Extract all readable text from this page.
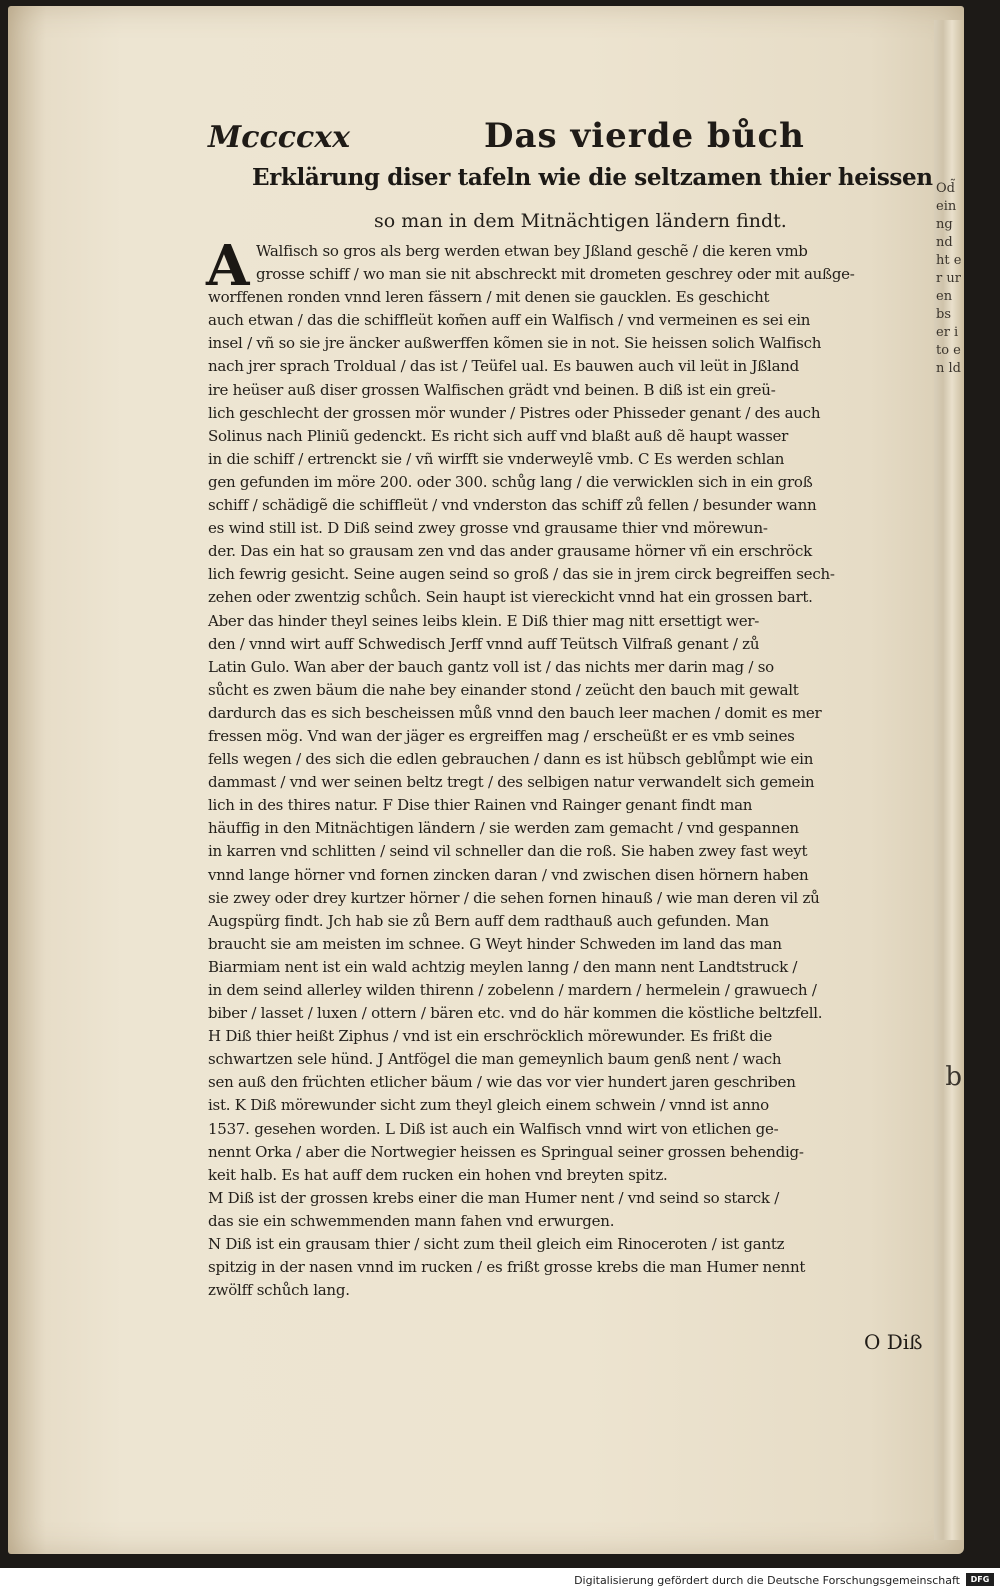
Od̃ ein ng nd ht er ur en bs er i to en ld
b
Mccccxx	Das vierde bůch
Erklärung diser tafeln wie die seltzamen thier heissen
so man in dem Mitnächtigen ländern findt.
A Walfisch so gros als berg werden etwan bey Jßland geschẽ / die keren vmb
grosse schiff / wo man sie nit abschreckt mit drometen geschrey oder mit außge-
worffenen ronden vnnd leren fässern / mit denen sie gaucklen. Es geschicht
auch etwan / das die schiffleüt kom̃en auff ein Walfisch / vnd vermeinen es sei ein
insel / vñ so sie jre äncker außwerffen kõmen sie in not. Sie heissen solich Walfisch
nach jrer sprach Troldual / das ist / Teüfel ual. Es bauwen auch vil leüt in Jßland
ire heüser auß diser grossen Walfischen grädt vnd beinen. B diß ist ein greü-
lich geschlecht der grossen mör wunder / Pistres oder Phisseder genant / des auch
Solinus nach Pliniũ gedenckt. Es richt sich auff vnd blaßt auß dẽ haupt wasser
in die schiff / ertrenckt sie / vñ wirfft sie vnderweylẽ vmb. C Es werden schlan
gen gefunden im möre 200. oder 300. schůg lang / die verwicklen sich in ein groß
schiff / schädigẽ die schiffleüt / vnd vnderston das schiff zů fellen / besunder wann
es wind still ist. D Diß seind zwey grosse vnd grausame thier vnd mörewun-
der. Das ein hat so grausam zen vnd das ander grausame hörner vñ ein erschröck
lich fewrig gesicht. Seine augen seind so groß / das sie in jrem circk begreiffen sech-
zehen oder zwentzig schůch. Sein haupt ist viereckicht vnnd hat ein grossen bart.
Aber das hinder theyl seines leibs klein. E Diß thier mag nitt ersettigt wer-
den / vnnd wirt auff Schwedisch Jerff vnnd auff Teütsch Vilfraß genant / zů
Latin Gulo. Wan aber der bauch gantz voll ist / das nichts mer darin mag / so
sůcht es zwen bäum die nahe bey einander stond / zeücht den bauch mit gewalt
dardurch das es sich bescheissen můß vnnd den bauch leer machen / domit es mer
fressen mög. Vnd wan der jäger es ergreiffen mag / erscheüßt er es vmb seines
fells wegen / des sich die edlen gebrauchen / dann es ist hübsch geblůmpt wie ein
dammast / vnd wer seinen beltz tregt / des selbigen natur verwandelt sich gemein
lich in des thires natur. F Dise thier Rainen vnd Rainger genant findt man
häuffig in den Mitnächtigen ländern / sie werden zam gemacht / vnd gespannen
in karren vnd schlitten / seind vil schneller dan die roß. Sie haben zwey fast weyt
vnnd lange hörner vnd fornen zincken daran / vnd zwischen disen hörnern haben
sie zwey oder drey kurtzer hörner / die sehen fornen hinauß / wie man deren vil zů
Augspürg findt. Jch hab sie zů Bern auff dem radthauß auch gefunden. Man
braucht sie am meisten im schnee. G Weyt hinder Schweden im land das man
Biarmiam nent ist ein wald achtzig meylen lanng / den mann nent Landtstruck /
in dem seind allerley wilden thirenn / zobelenn / mardern / hermelein / grawuech /
biber / lasset / luxen / ottern / bären etc. vnd do här kommen die köstliche beltzfell.
H Diß thier heißt Ziphus / vnd ist ein erschröcklich mörewunder. Es frißt die
schwartzen sele hünd. J Antfögel die man gemeynlich baum genß nent / wach
sen auß den früchten etlicher bäum / wie das vor vier hundert jaren geschriben
ist. K Diß mörewunder sicht zum theyl gleich einem schwein / vnnd ist anno
1537. gesehen worden. L Diß ist auch ein Walfisch vnnd wirt von etlichen ge-
nennt Orka / aber die Nortwegier heissen es Springual seiner grossen behendig-
keit halb. Es hat auff dem rucken ein hohen vnd breyten spitz.
M Diß ist der grossen krebs einer die man Humer nent / vnd seind so starck /
das sie ein schwemmenden mann fahen vnd erwurgen.
N Diß ist ein grausam thier / sicht zum theil gleich eim Rinoceroten / ist gantz
spitzig in der nasen vnnd im rucken / es frißt grosse krebs die man Humer nennt
zwölff schůch lang.
O Diß
Digitalisierung gefördert durch die Deutsche Forschungsgemeinschaft	DFG
